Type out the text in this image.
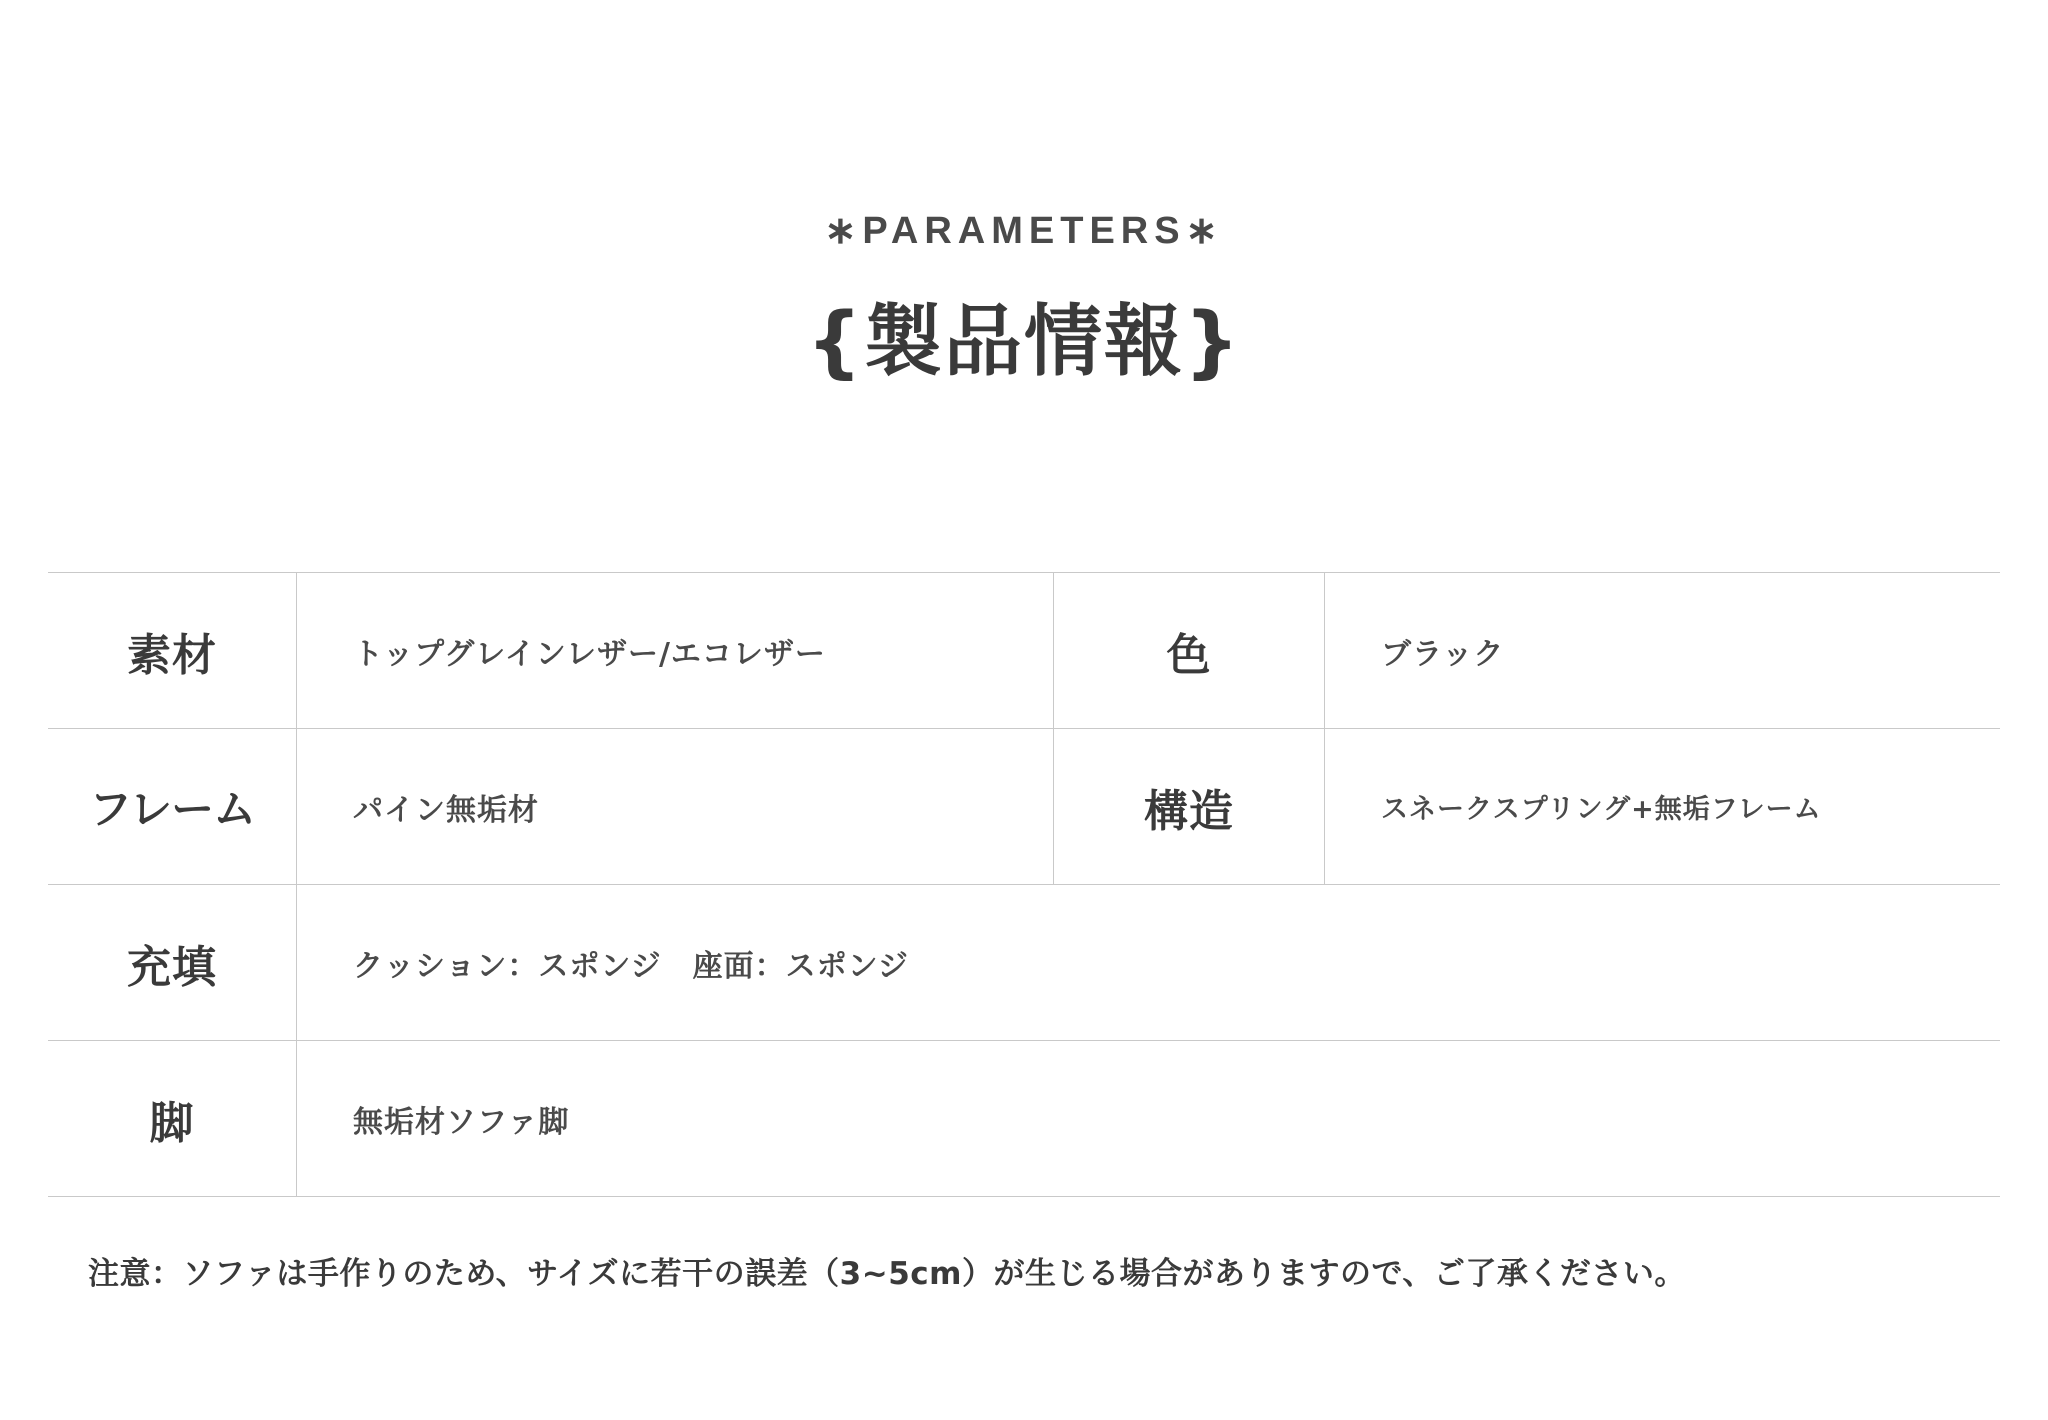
∗PARAMETERS∗
{製品情報}
素材	トップグレインレザー/エコレザー	色	ブラック
フレーム	パイン無垢材	構造	スネークスプリング+無垢フレーム
充填	クッション：スポンジ　座面：スポンジ		
脚	無垢材ソファ脚		
注意：ソファは手作りのため、サイズに若干の誤差（3~5cm）が生じる場合がありますので、ご了承ください。
